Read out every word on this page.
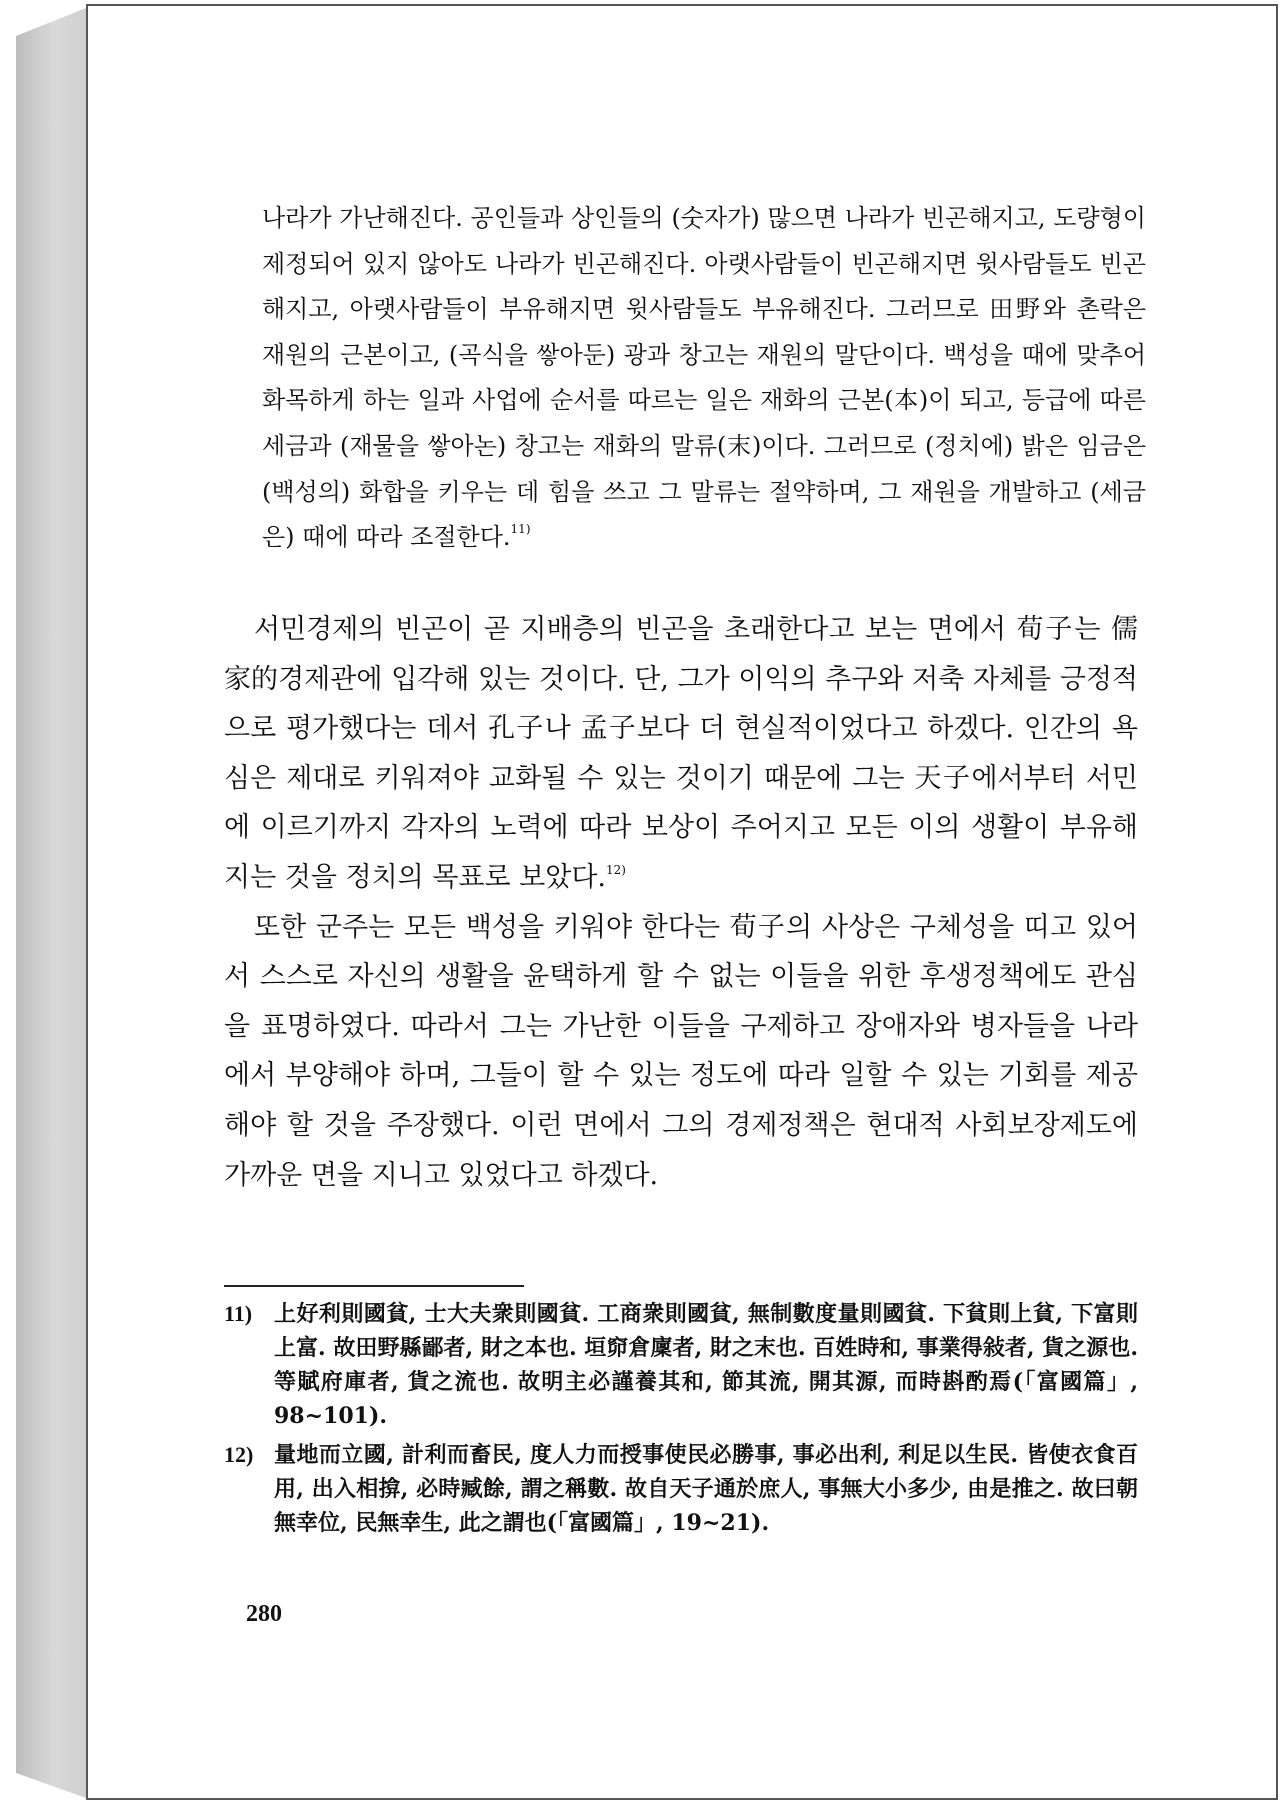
나라가 가난해진다. 공인들과 상인들의 (숫자가) 많으면 나라가 빈곤해지고, 도량형이 제정되어 있지 않아도 나라가 빈곤해진다. 아랫사람들이 빈곤해지면 윗사람들도 빈곤해지고, 아랫사람들이 부유해지면 윗사람들도 부유해진다. 그러므로 田野와 촌락은 재원의 근본이고, (곡식을 쌓아둔) 광과 창고는 재원의 말단이다. 백성을 때에 맞추어 화목하게 하는 일과 사업에 순서를 따르는 일은 재화의 근본(本)이 되고, 등급에 따른 세금과 (재물을 쌓아논) 창고는 재화의 말류(末)이다. 그러므로 (정치에) 밝은 임금은 (백성의) 화합을 키우는 데 힘을 쓰고 그 말류는 절약하며, 그 재원을 개발하고 (세금은) 때에 따라 조절한다.$^{11)}$

서민경제의 빈곤이 곧 지배층의 빈곤을 초래한다고 보는 면에서 荀子는 儒家的경제관에 입각해 있는 것이다. 단, 그가 이익의 추구와 저축 자체를 긍정적으로 평가했다는 데서 孔子나 孟子보다 더 현실적이었다고 하겠다. 인간의 욕심은 제대로 키워져야 교화될 수 있는 것이기 때문에 그는 天子에서부터 서민에 이르기까지 각자의 노력에 따라 보상이 주어지고 모든 이의 생활이 부유해지는 것을 정치의 목표로 보았다.$^{12)}$

또한 군주는 모든 백성을 키워야 한다는 荀子의 사상은 구체성을 띠고 있어서 스스로 자신의 생활을 윤택하게 할 수 없는 이들을 위한 후생정책에도 관심을 표명하였다. 따라서 그는 가난한 이들을 구제하고 장애자와 병자들을 나라에서 부양해야 하며, 그들이 할 수 있는 정도에 따라 일할 수 있는 기회를 제공해야 할 것을 주장했다. 이런 면에서 그의 경제정책은 현대적 사회보장제도에 가까운 면을 지니고 있었다고 하겠다.

11) 上好利則國貧, 士大夫衆則國貧. 工商衆則國貧, 無制數度量則國貧. 下貧則上貧, 下富則上富. 故田野縣鄙者, 財之本也. 垣窌倉廩者, 財之末也. 百姓時和, 事業得敍者, 貨之源也. 等賦府庫者, 貨之流也. 故明主必謹養其和, 節其流, 開其源, 而時斟酌焉(「富國篇」, 98~101).
12) 量地而立國, 計利而畜民, 度人力而授事使民必勝事, 事必出利, 利足以生民. 皆使衣食百用, 出入相揜, 必時臧餘, 謂之稱數. 故自天子通於庶人, 事無大小多少, 由是推之. 故曰朝無幸位, 民無幸生, 此之謂也(「富國篇」, 19~21).
280
